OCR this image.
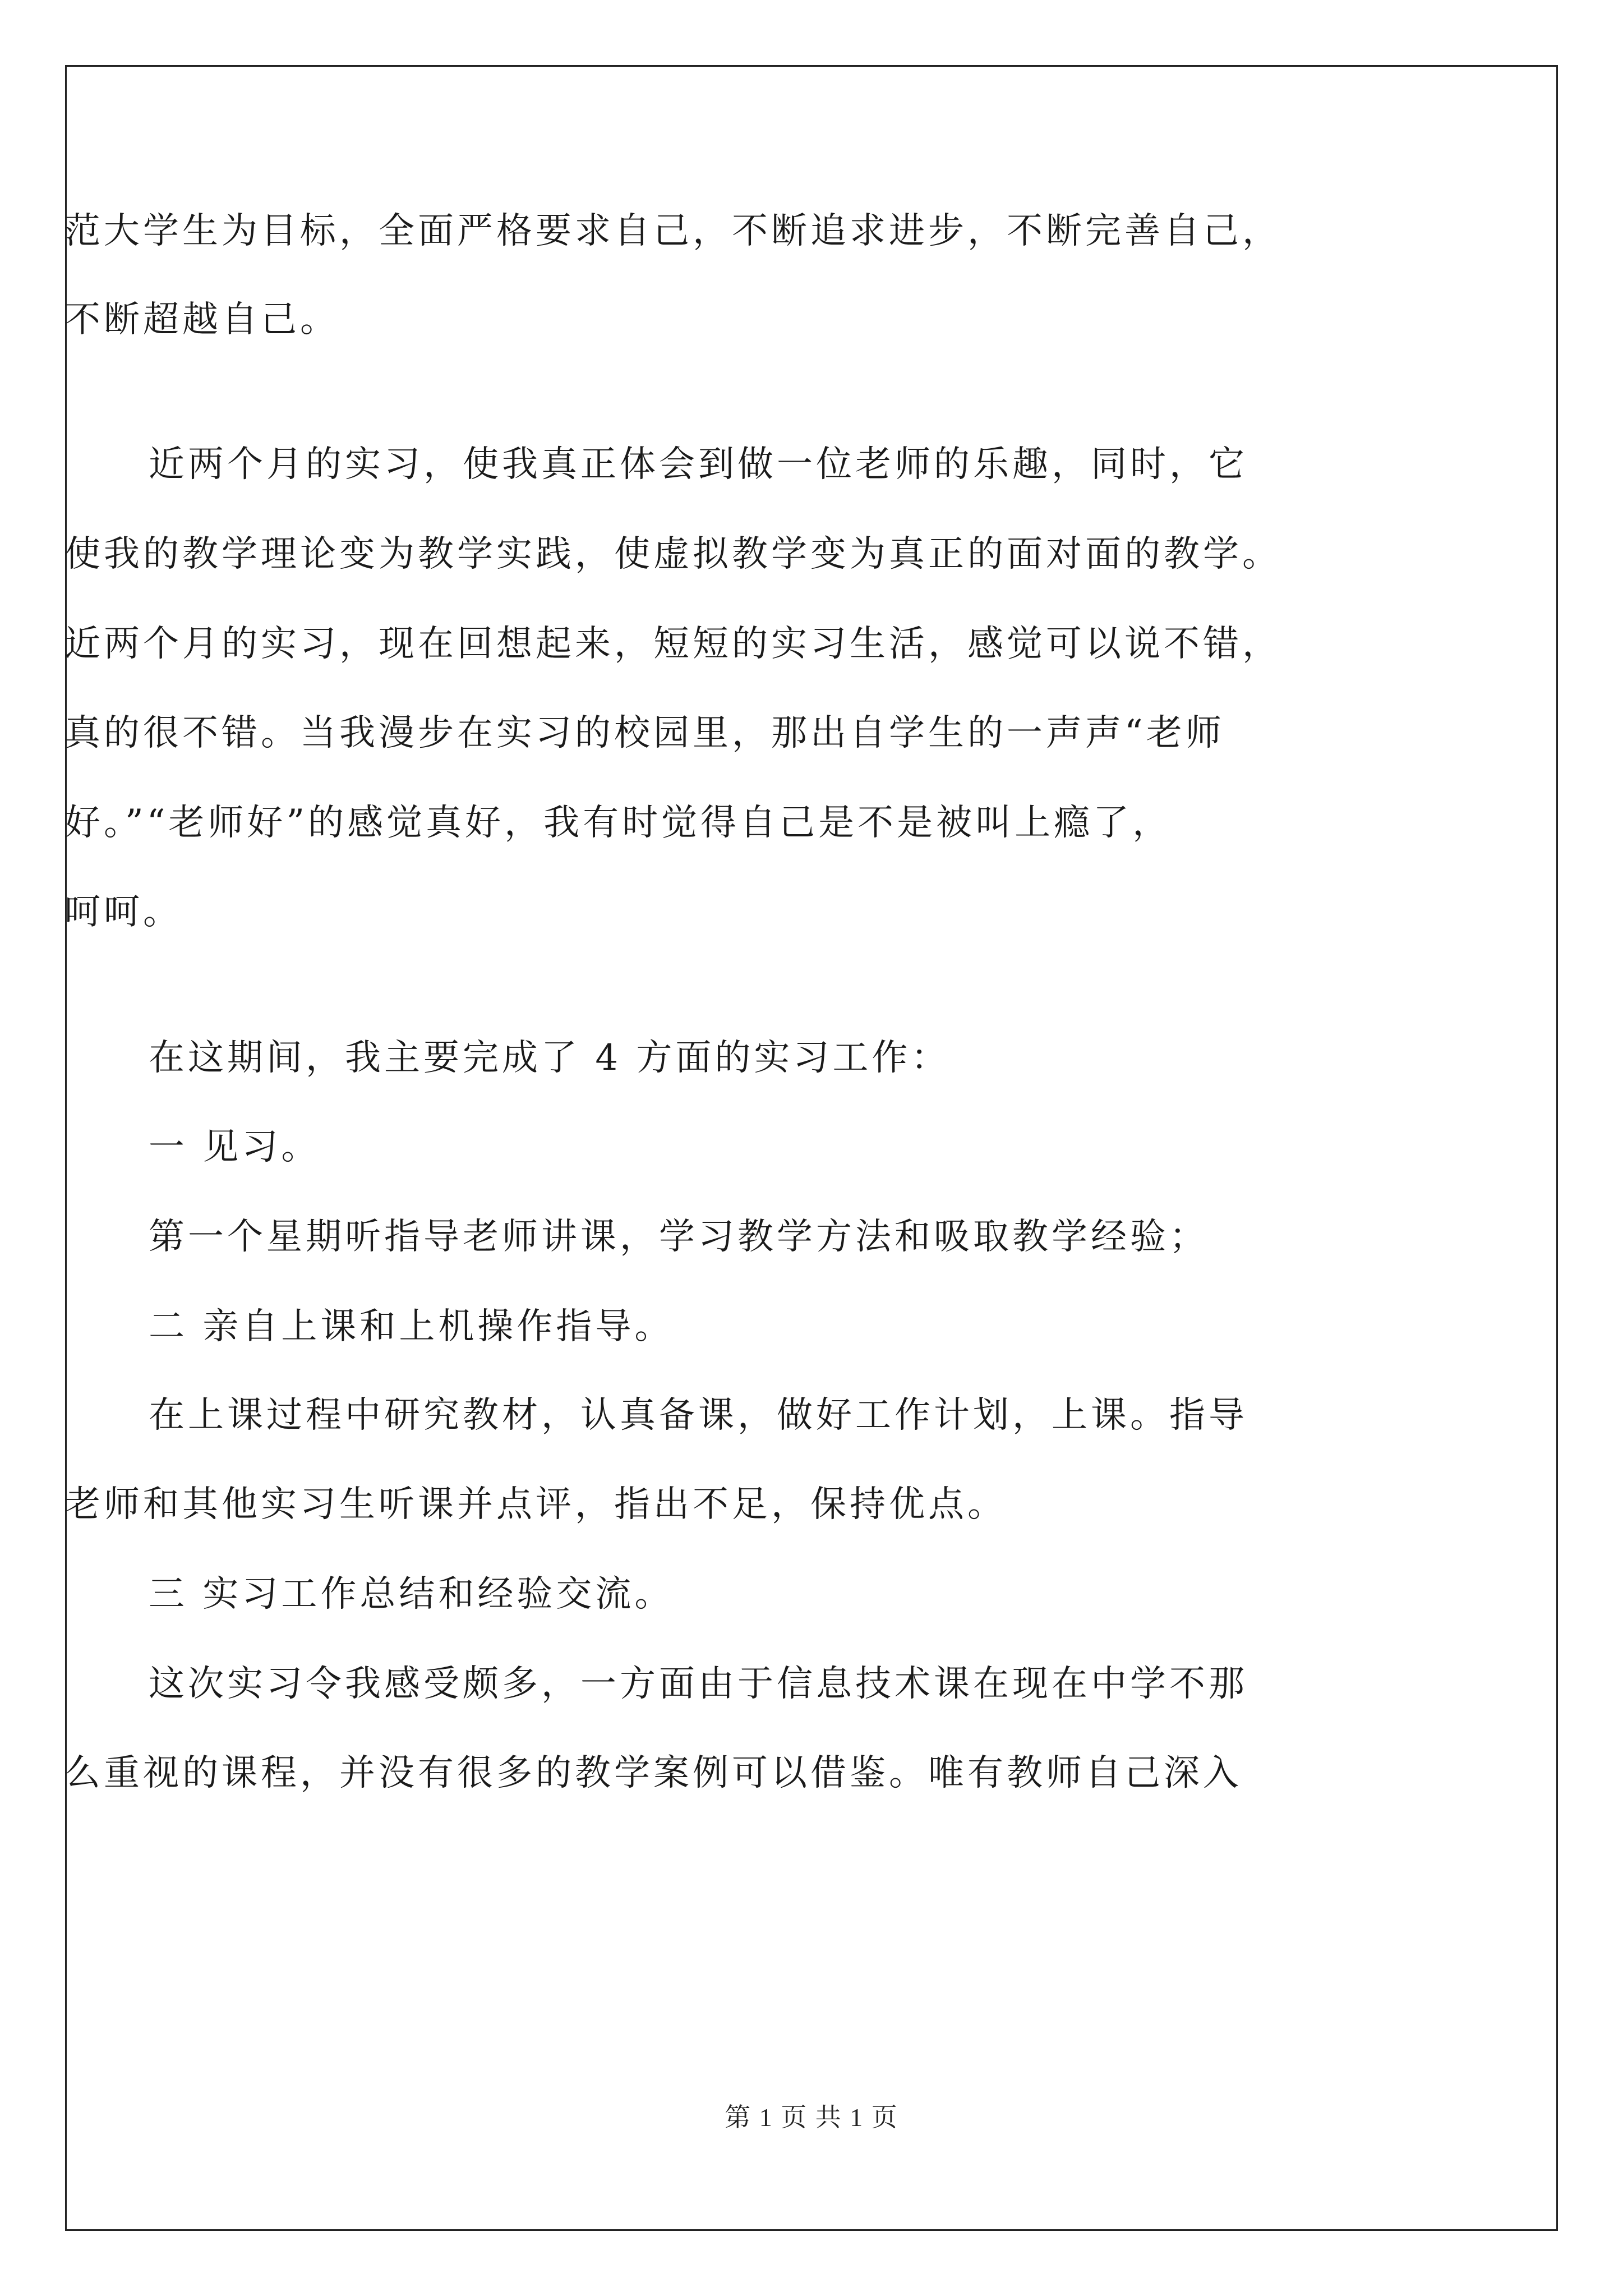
范大学生为目标，全面严格要求自己，不断追求进步，不断完善自己，
不断超越自己。
近两个月的实习，使我真正体会到做一位老师的乐趣，同时，它
使我的教学理论变为教学实践，使虚拟教学变为真正的面对面的教学。
近两个月的实习，现在回想起来，短短的实习生活，感觉可以说不错，
真的很不错。当我漫步在实习的校园里，那出自学生的一声声“老师
好。”“老师好”的感觉真好，我有时觉得自己是不是被叫上瘾了，
呵呵。
在这期间，我主要完成了 4 方面的实习工作：
一 见习。
第一个星期听指导老师讲课，学习教学方法和吸取教学经验；
二 亲自上课和上机操作指导。
在上课过程中研究教材，认真备课，做好工作计划，上课。指导
老师和其他实习生听课并点评，指出不足，保持优点。
三 实习工作总结和经验交流。
这次实习令我感受颇多，一方面由于信息技术课在现在中学不那
么重视的课程，并没有很多的教学案例可以借鉴。唯有教师自己深入
第 1 页 共 1 页
